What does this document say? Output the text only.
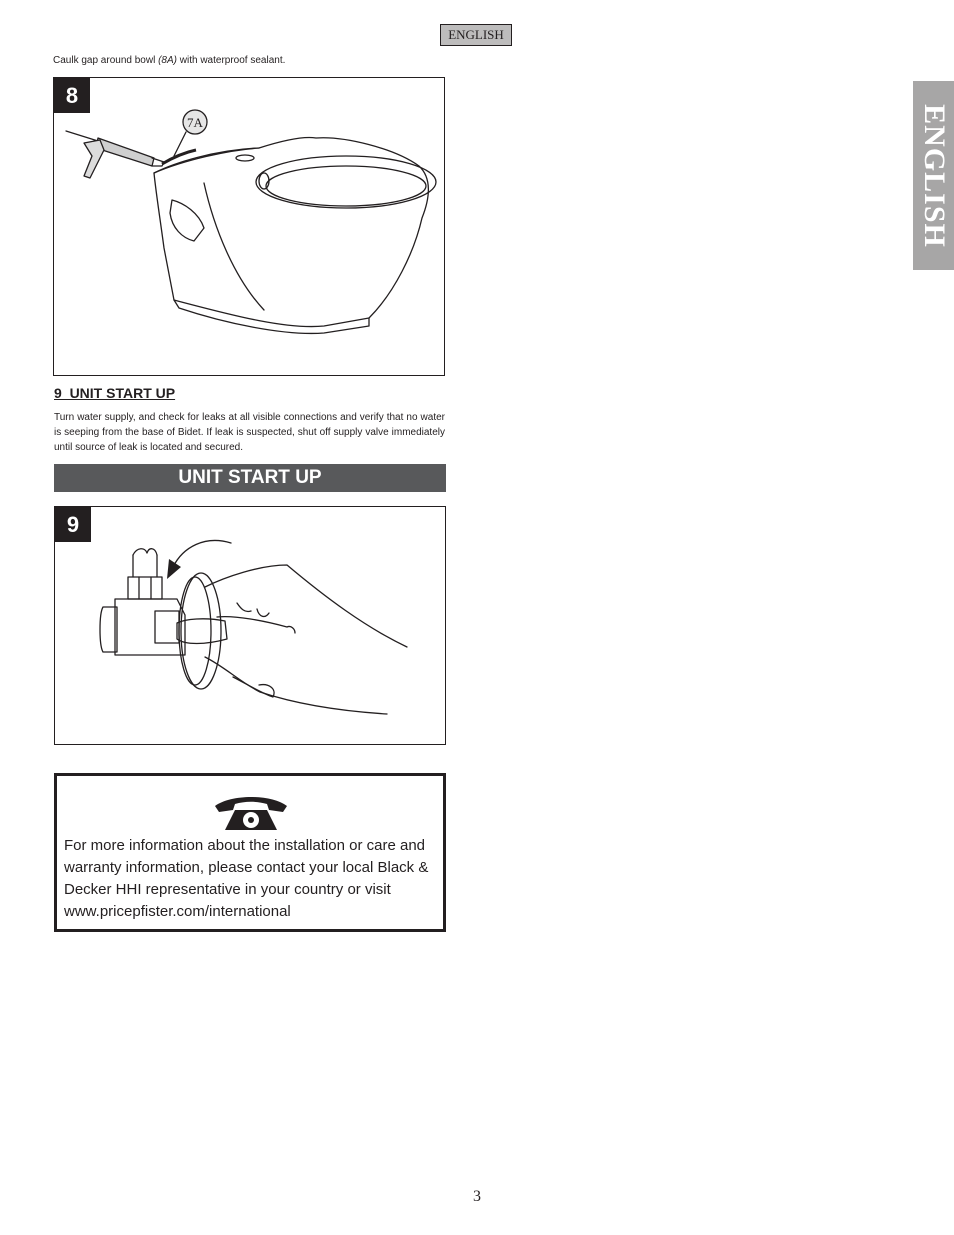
ENGLISH
ENGLISH
Caulk gap around bowl (8A) with waterproof sealant.
7A
8
9  UNIT START UP
Turn water supply, and check for leaks at all visible connections and verify that no water is seeping from the base of Bidet. If leak is suspected, shut off supply valve immediately until source of leak is located and secured.
UNIT START UP
9
For more information about the installation or care and warranty information, please contact your local Black & Decker HHI representative in your country or visit www.pricepfister.com/international
3
